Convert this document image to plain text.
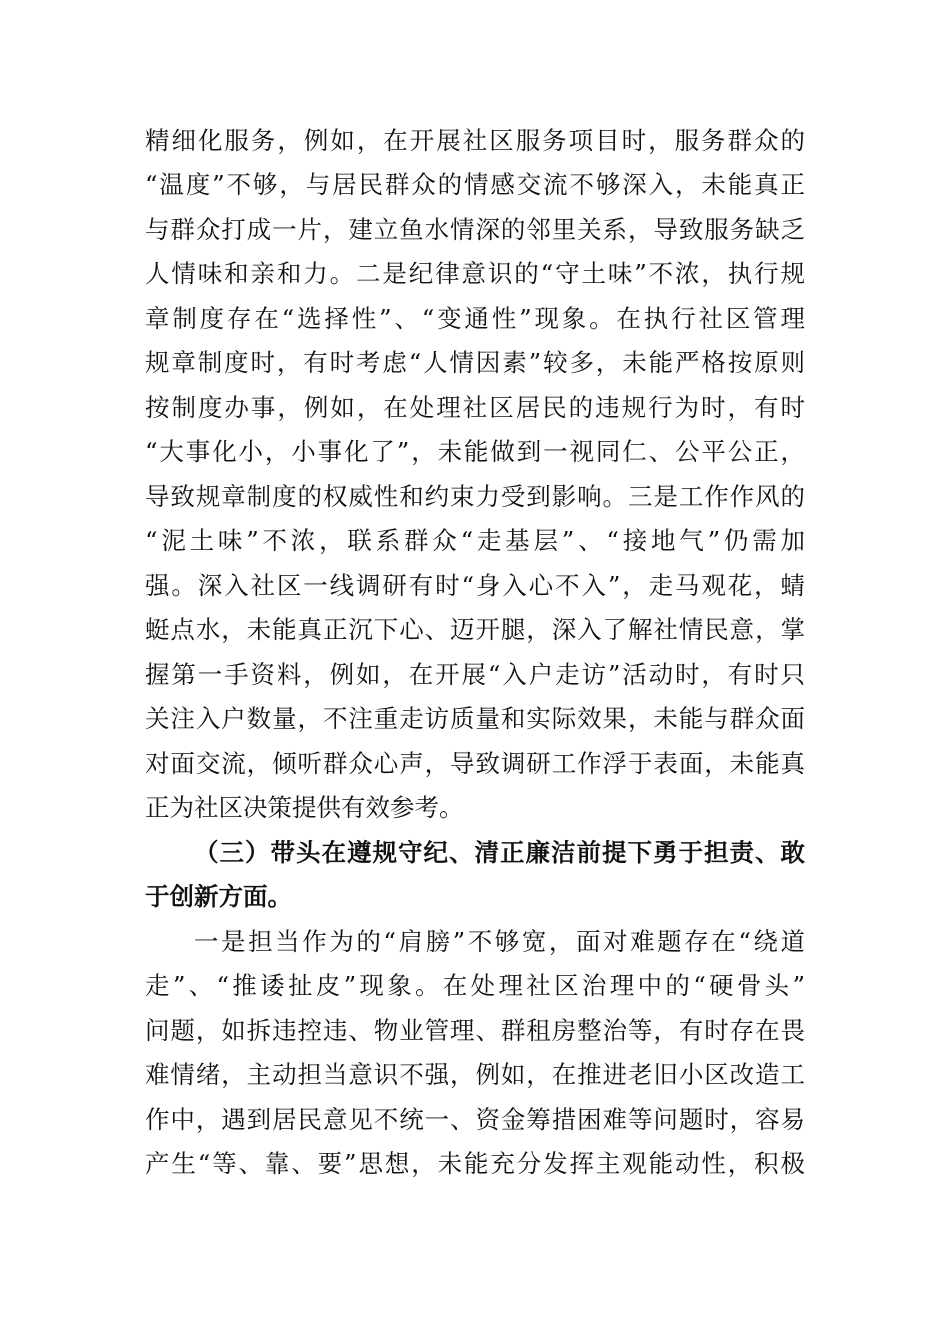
精细化服务，例如，在开展社区服务项目时，服务群众的
“温度”不够，与居民群众的情感交流不够深入，未能真正
与群众打成一片，建立鱼水情深的邻里关系，导致服务缺乏
人情味和亲和力。二是纪律意识的“守土味”不浓，执行规
章制度存在“选择性”、“变通性”现象。在执行社区管理
规章制度时，有时考虑“人情因素”较多，未能严格按原则
按制度办事，例如，在处理社区居民的违规行为时，有时
“大事化小，小事化了”，未能做到一视同仁、公平公正，
导致规章制度的权威性和约束力受到影响。三是工作作风的
“泥土味”不浓，联系群众“走基层”、“接地气”仍需加
强。深入社区一线调研有时“身入心不入”，走马观花，蜻
蜓点水，未能真正沉下心、迈开腿，深入了解社情民意，掌
握第一手资料，例如，在开展“入户走访”活动时，有时只
关注入户数量，不注重走访质量和实际效果，未能与群众面
对面交流，倾听群众心声，导致调研工作浮于表面，未能真
正为社区决策提供有效参考。
（三）带头在遵规守纪、清正廉洁前提下勇于担责、敢
于创新方面。
一是担当作为的“肩膀”不够宽，面对难题存在“绕道
走”、“推诿扯皮”现象。在处理社区治理中的“硬骨头”
问题，如拆违控违、物业管理、群租房整治等，有时存在畏
难情绪，主动担当意识不强，例如，在推进老旧小区改造工
作中，遇到居民意见不统一、资金筹措困难等问题时，容易
产生“等、靠、要”思想，未能充分发挥主观能动性，积极
